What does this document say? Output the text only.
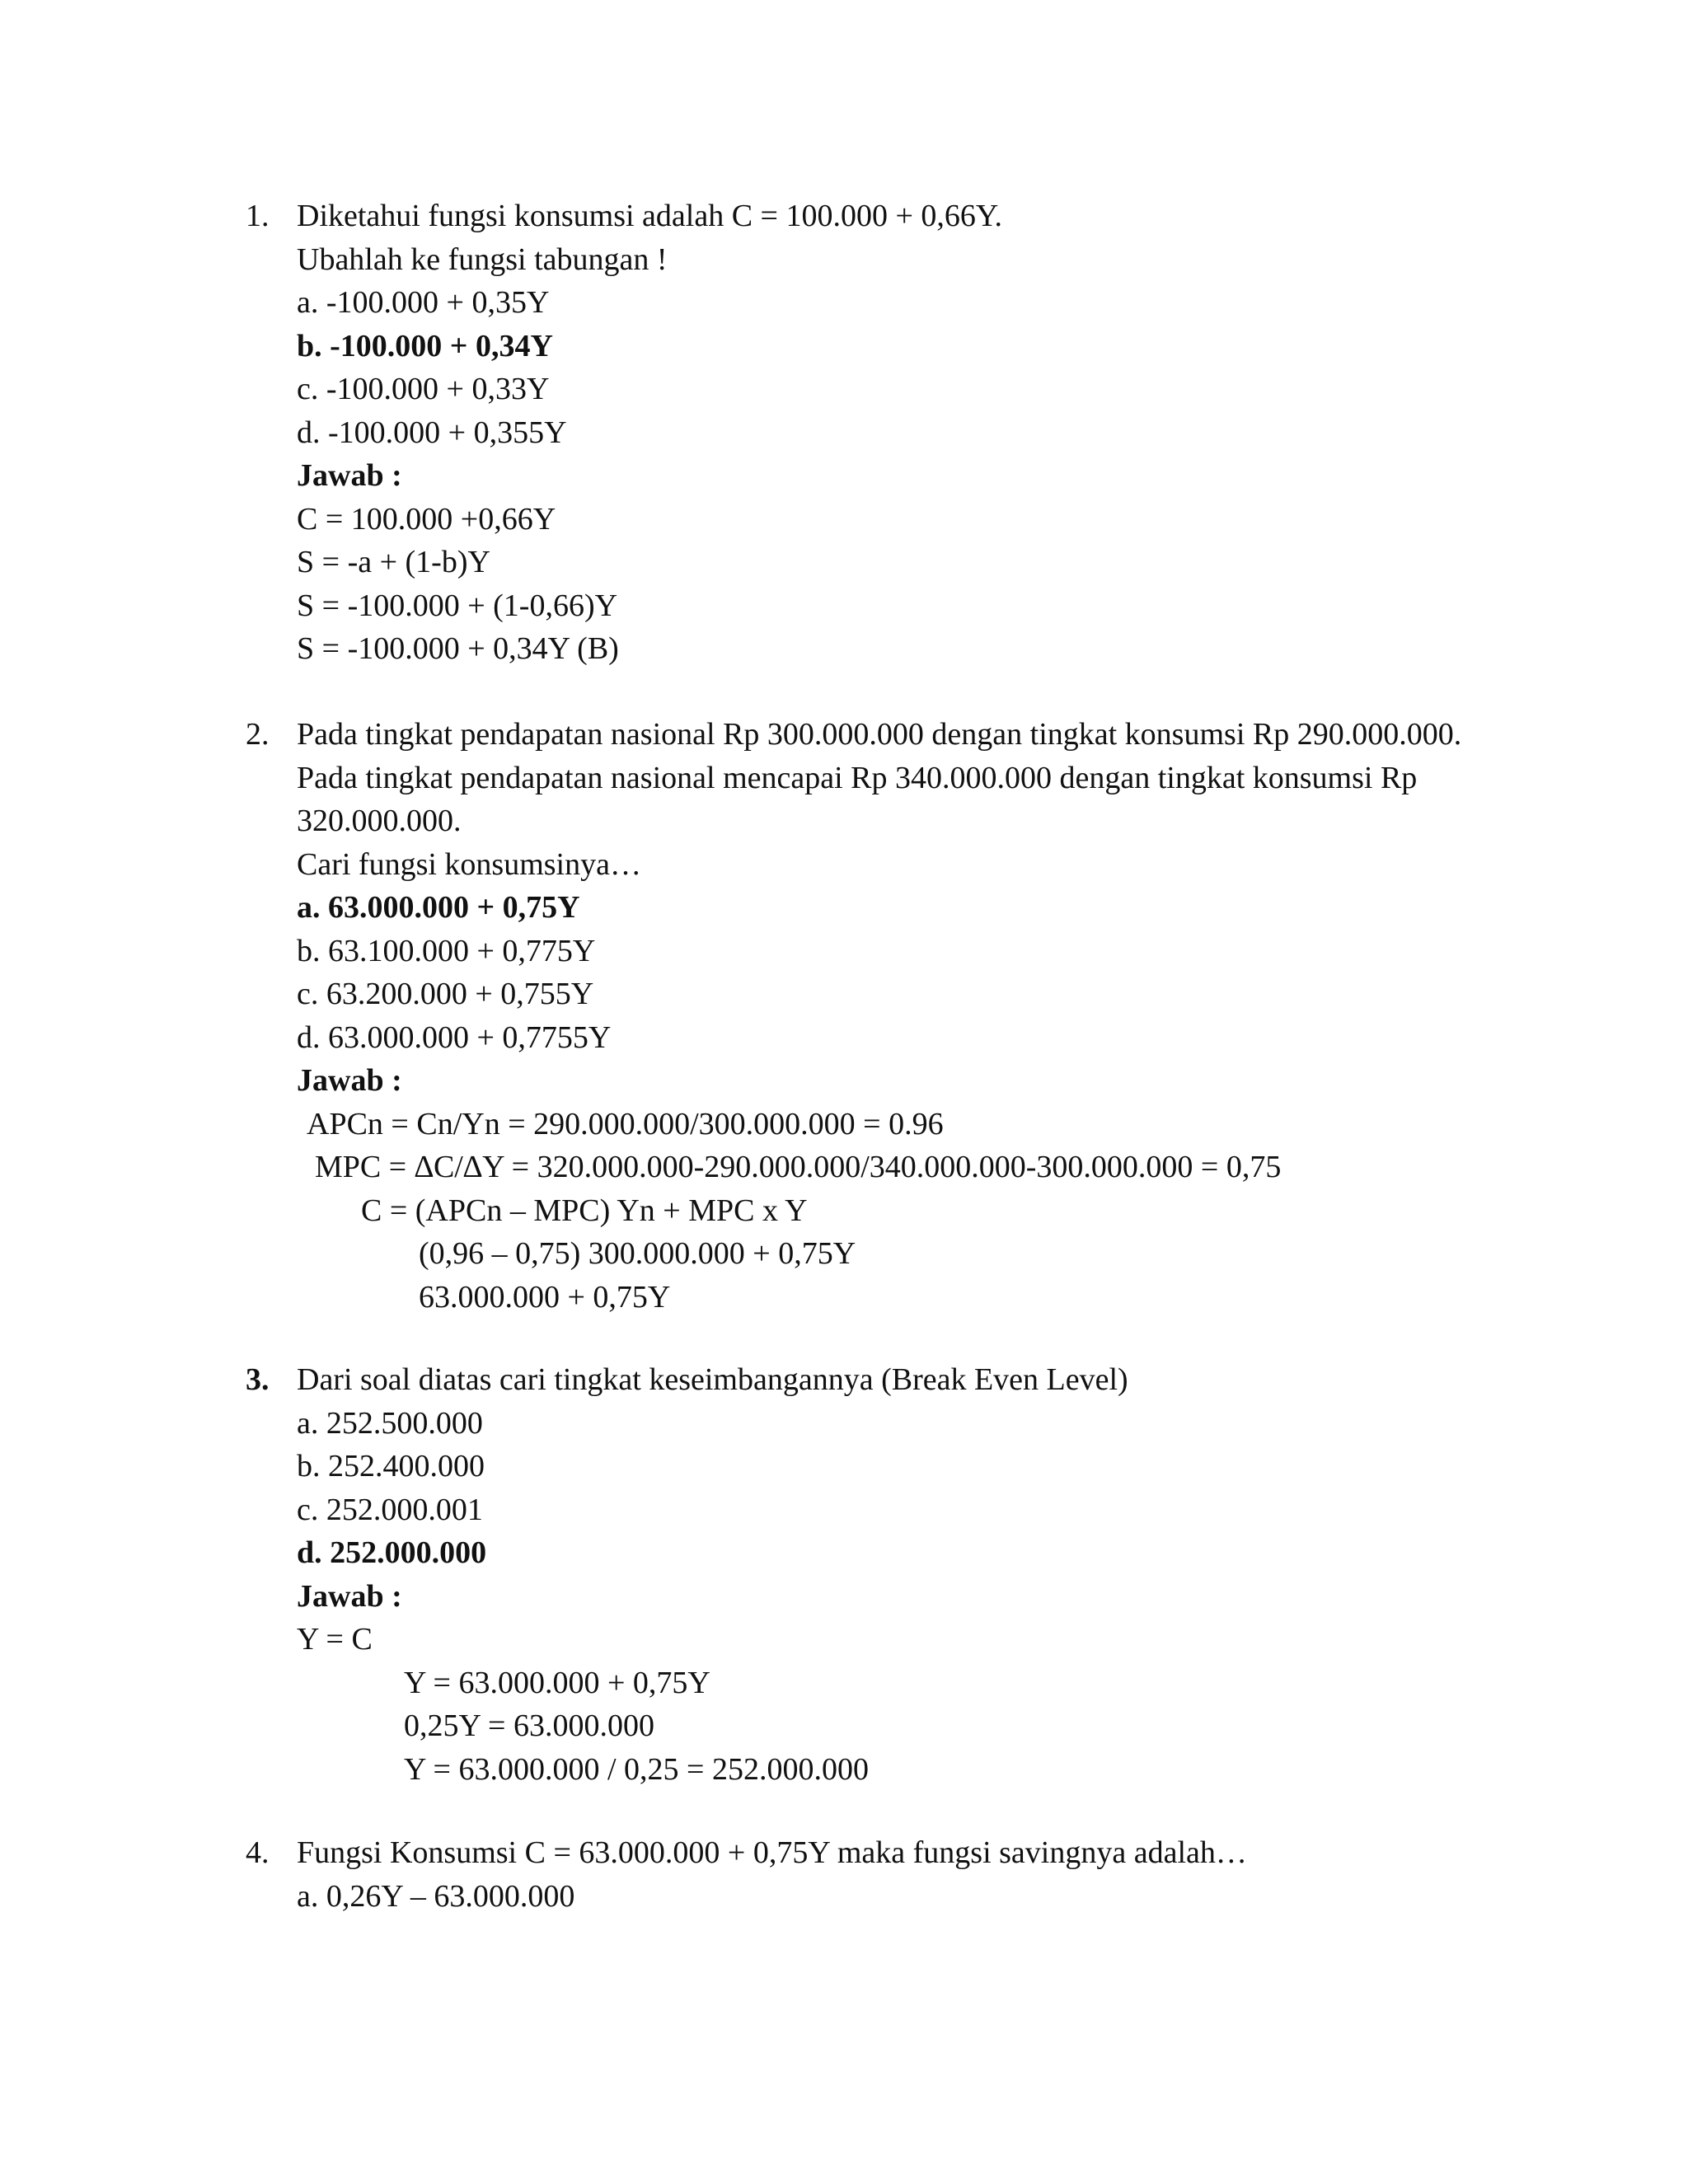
1. Diketahui fungsi konsumsi adalah C = 100.000 + 0,66Y.
Ubahlah ke fungsi tabungan !
a. -100.000 + 0,35Y
b. -100.000 + 0,34Y
c. -100.000 + 0,33Y
d. -100.000 + 0,355Y
Jawab :
C = 100.000 +0,66Y
S = -a + (1-b)Y
S = -100.000 + (1-0,66)Y
S = -100.000 + 0,34Y (B)
2. Pada tingkat pendapatan nasional Rp 300.000.000 dengan tingkat konsumsi Rp 290.000.000. Pada tingkat pendapatan nasional mencapai Rp 340.000.000 dengan tingkat konsumsi Rp 320.000.000.
Cari fungsi konsumsinya…
a. 63.000.000 + 0,75Y
b. 63.100.000 + 0,775Y
c. 63.200.000 + 0,755Y
d. 63.000.000 + 0,7755Y
Jawab :
APCn = Cn/Yn = 290.000.000/300.000.000 = 0.96
MPC = ∆C/∆Y = 320.000.000-290.000.000/340.000.000-300.000.000 = 0,75
C = (APCn – MPC) Yn + MPC x Y
(0,96 – 0,75) 300.000.000 + 0,75Y
63.000.000 + 0,75Y
3. Dari soal diatas cari tingkat keseimbangannya (Break Even Level)
a. 252.500.000
b. 252.400.000
c. 252.000.001
d. 252.000.000
Jawab :
Y = C
Y = 63.000.000 + 0,75Y
0,25Y = 63.000.000
Y = 63.000.000 / 0,25 = 252.000.000
4. Fungsi Konsumsi C = 63.000.000 + 0,75Y maka fungsi savingnya adalah…
a. 0,26Y – 63.000.000
